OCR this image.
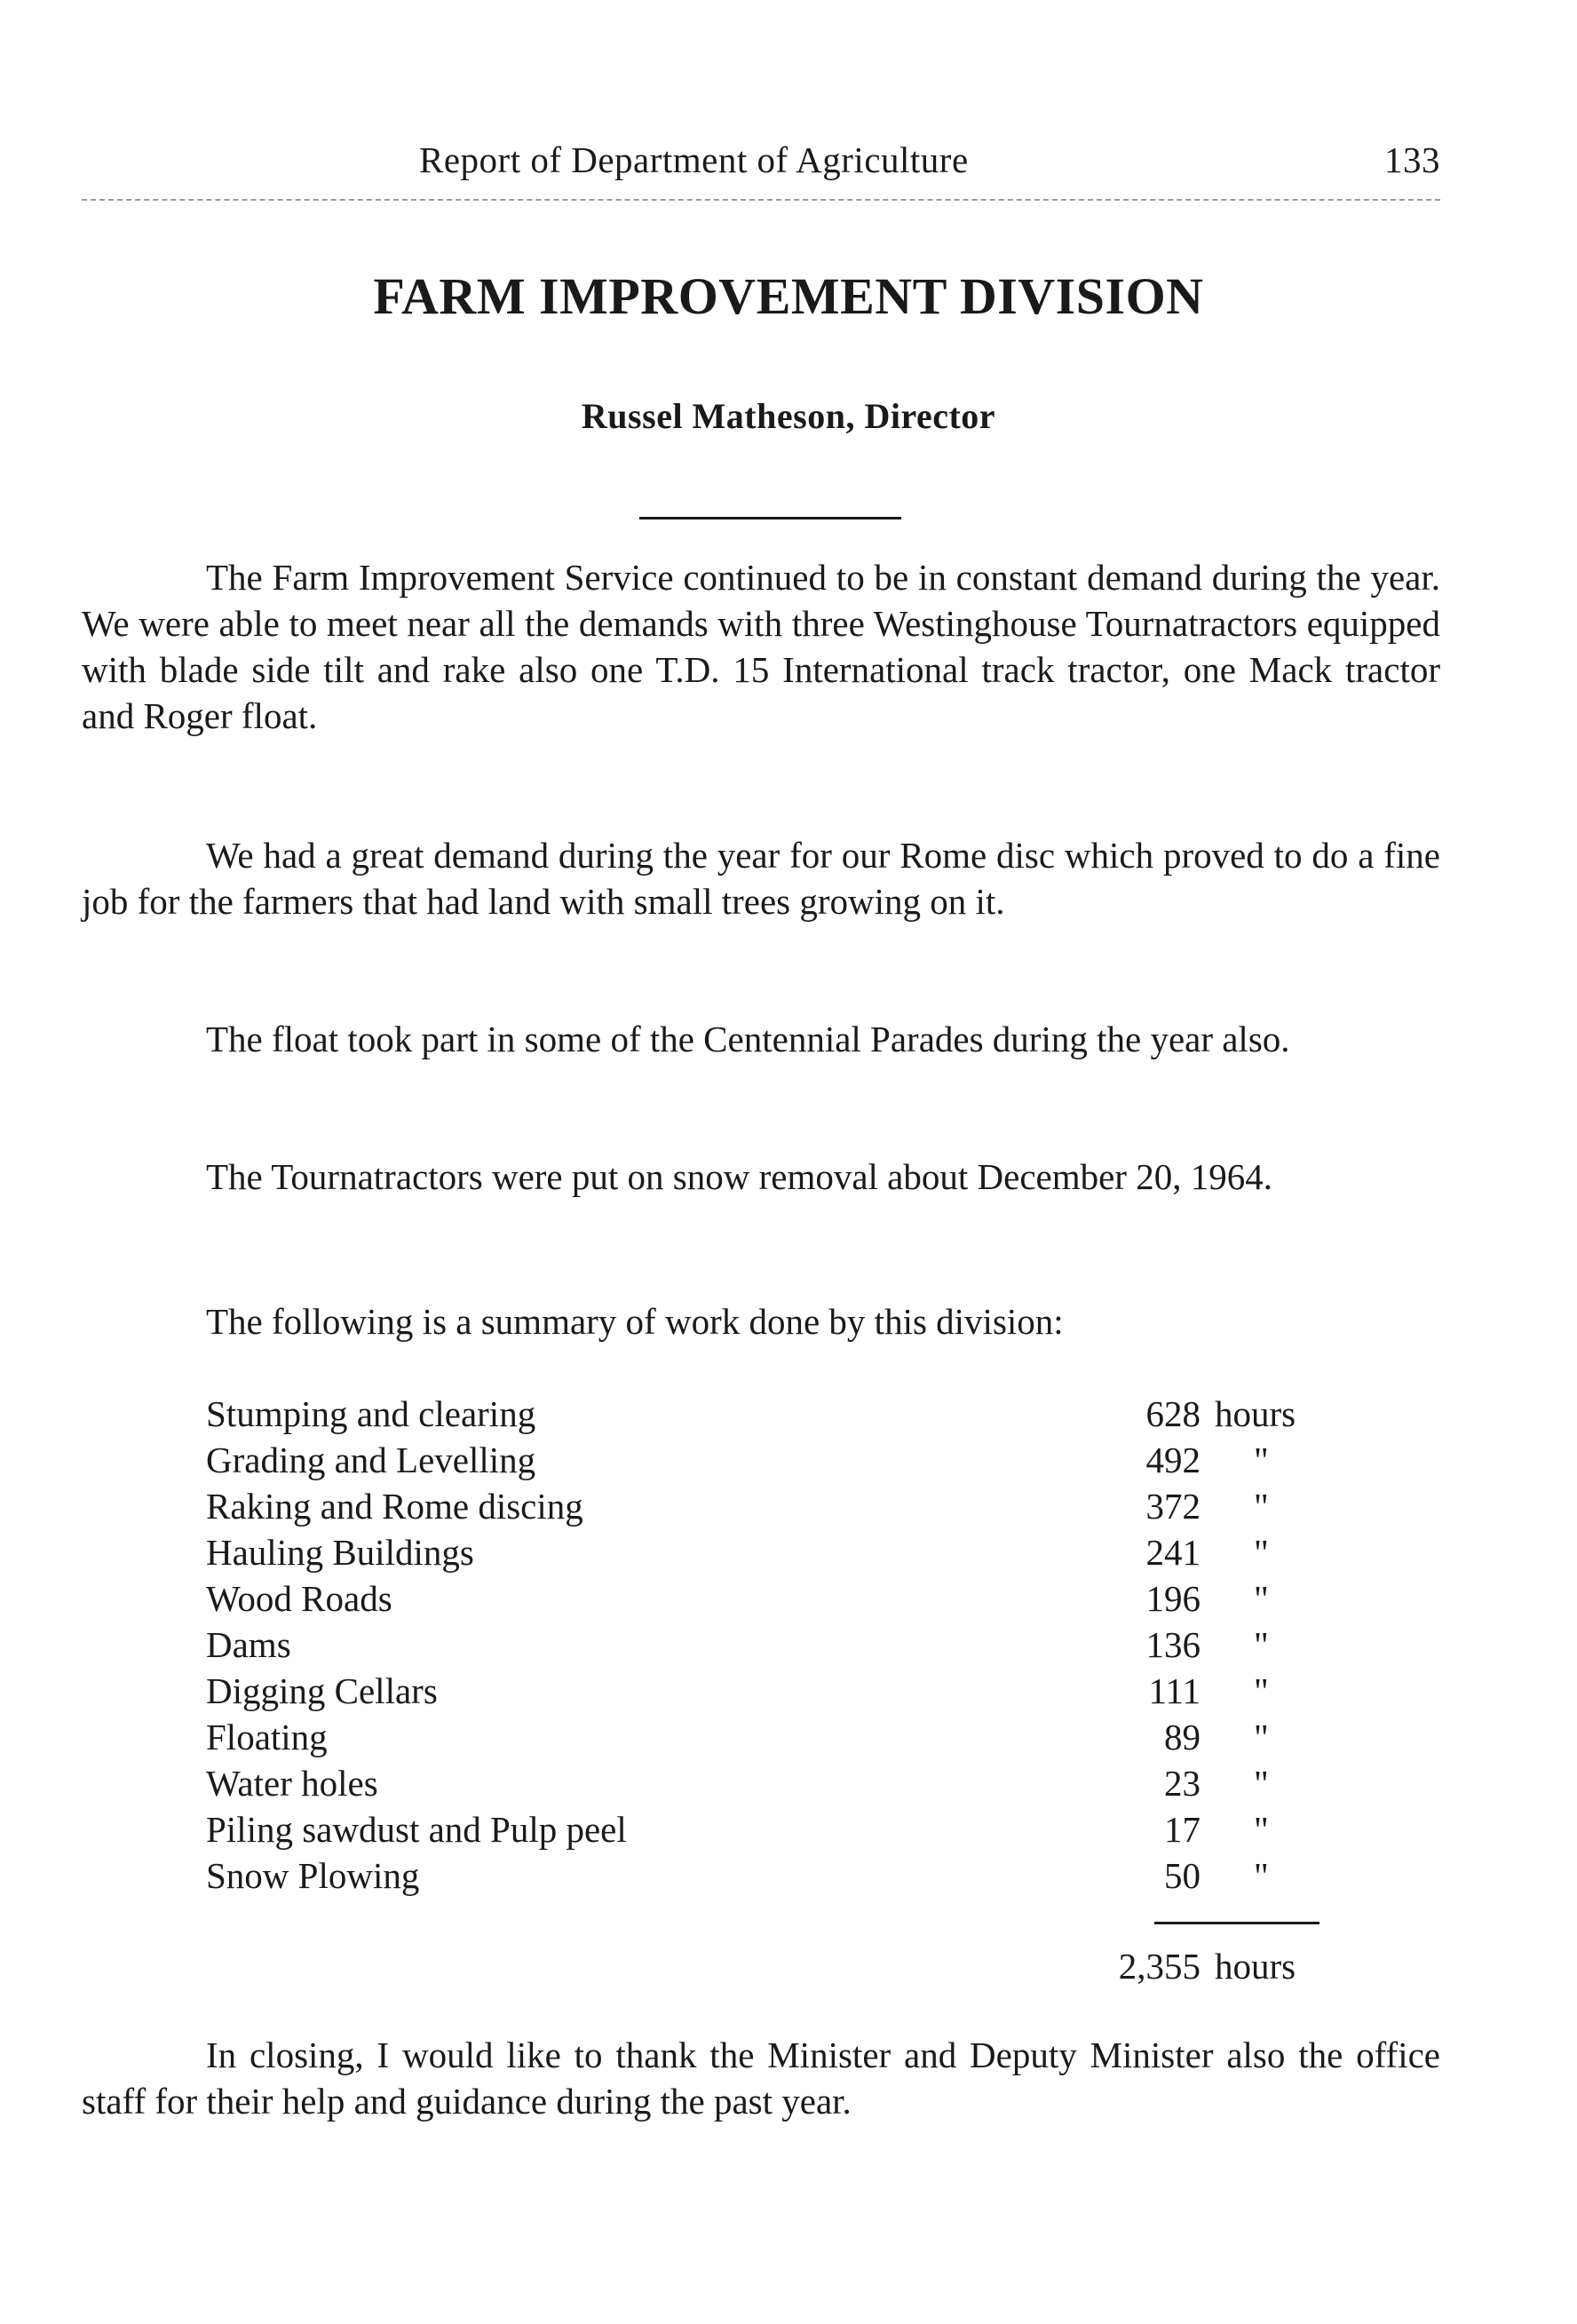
Report of Department of Agriculture	133
FARM IMPROVEMENT DIVISION
Russel Matheson, Director

The Farm Improvement Service continued to be in constant demand during the year. We were able to meet near all the demands with three Westinghouse Tournatractors equipped with blade side tilt and rake also one T.D. 15 International track tractor, one Mack tractor and Roger float.

We had a great demand during the year for our Rome disc which proved to do a fine job for the farmers that had land with small trees growing on it.

The float took part in some of the Centennial Parades during the year also.

The Tournatractors were put on snow removal about December 20, 1964.

The following is a summary of work done by this division:

Stumping and clearing	628 hours
Grading and Levelling	492 "
Raking and Rome discing	372 "
Hauling Buildings	241 "
Wood Roads	196 "
Dams	136 "
Digging Cellars	111 "
Floating	89 "
Water holes	23 "
Piling sawdust and Pulp peel	17 "
Snow Plowing	50 "
2,355 hours

In closing, I would like to thank the Minister and Deputy Minister also the office staff for their help and guidance during the past year.
